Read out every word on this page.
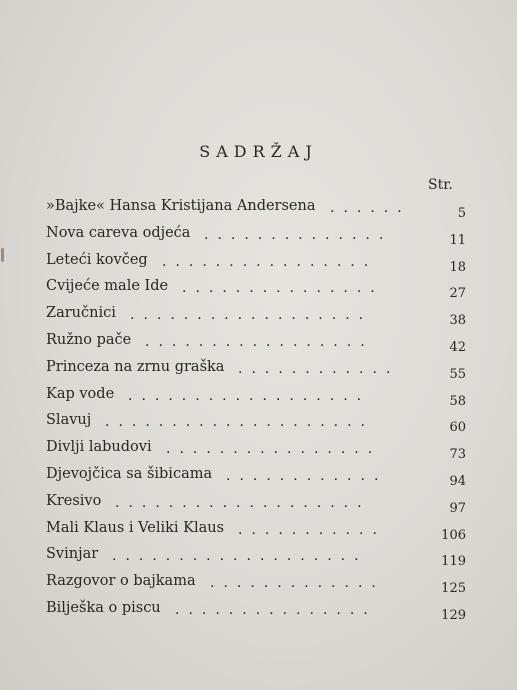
SADRŽAJ
Str.
»Bajke« Hansa Kristijana Andersena	5
......
Nova careva odjeća	11
..............
Leteći kovčeg	18
................
Cvijeće male Ide	27
...............
Zaručnici	38
..................
Ružno pače	42
.................
Princeza na zrnu graška	55
............
Kap vode	58
..................
Slavuj	60
....................
Divlji labudovi	73
................
Djevojčica sa šibicama	94
............
Kresivo	97
...................
Mali Klaus i Veliki Klaus	106
...........
Svinjar	119
...................
Razgovor o bajkama	125
.............
Bilješka o piscu	129
...............
